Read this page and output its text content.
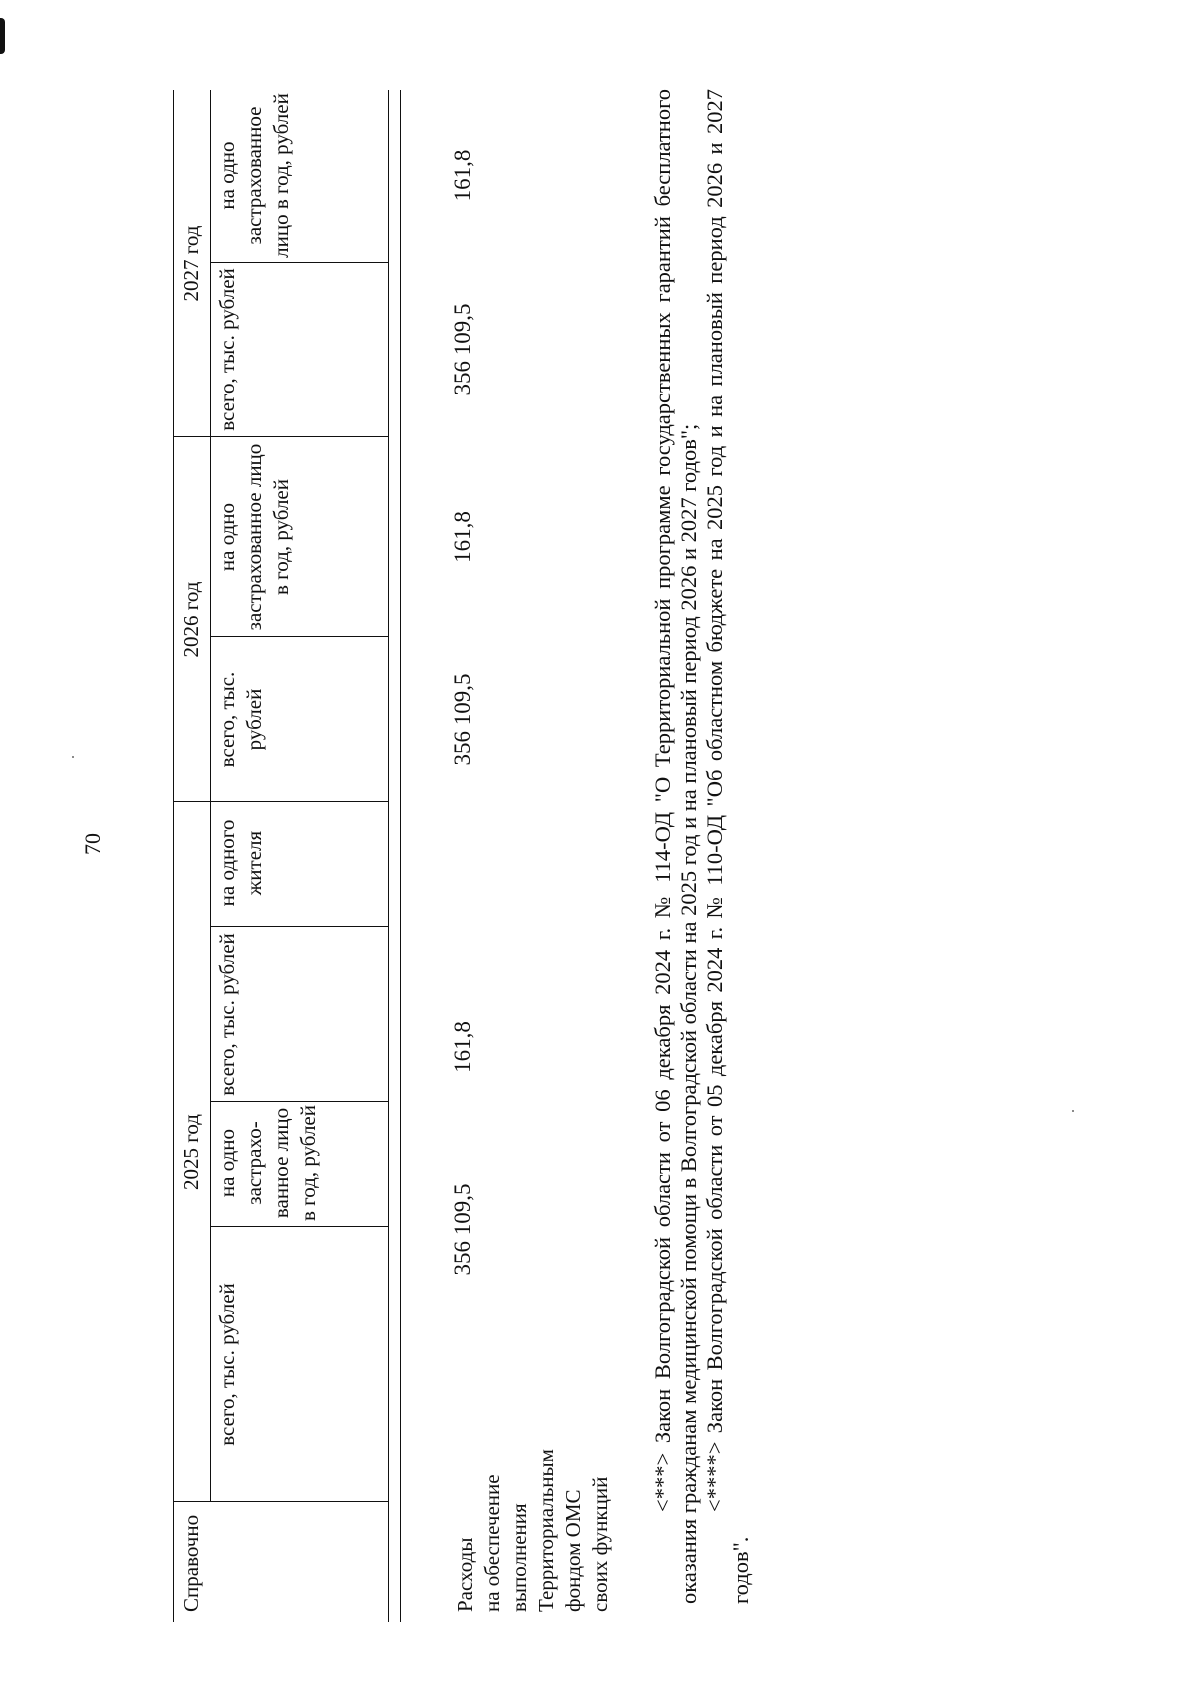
70
Справочно
2025 год
2026 год
2027 год
всего, тыс. рублей
на одно застрахо- ванное лицо в год, рублей
всего, тыс. рублей
на одного жителя
всего, тыс. рублей
на одно застрахованное лицо в год, рублей
всего, тыс. рублей
на одно застрахованное лицо в год, рублей
Расходы на обеспечение выполнения Территориальным фондом ОМС своих функций
356 109,5
161,8
356 109,5
161,8
356 109,5
161,8	<***> Закон Волгоградской области от 06 декабря 2024 г. № 114-ОД "О Территориальной программе государственных гарантий бесплатного оказания гражданам медицинской помощи в Волгоградской области на 2025 год и на плановый период 2026 и 2027 годов"; <****> Закон Волгоградской области от 05 декабря 2024 г. № 110-ОД "Об областном бюджете на 2025 год и на плановый период 2026 и 2027 годов".
